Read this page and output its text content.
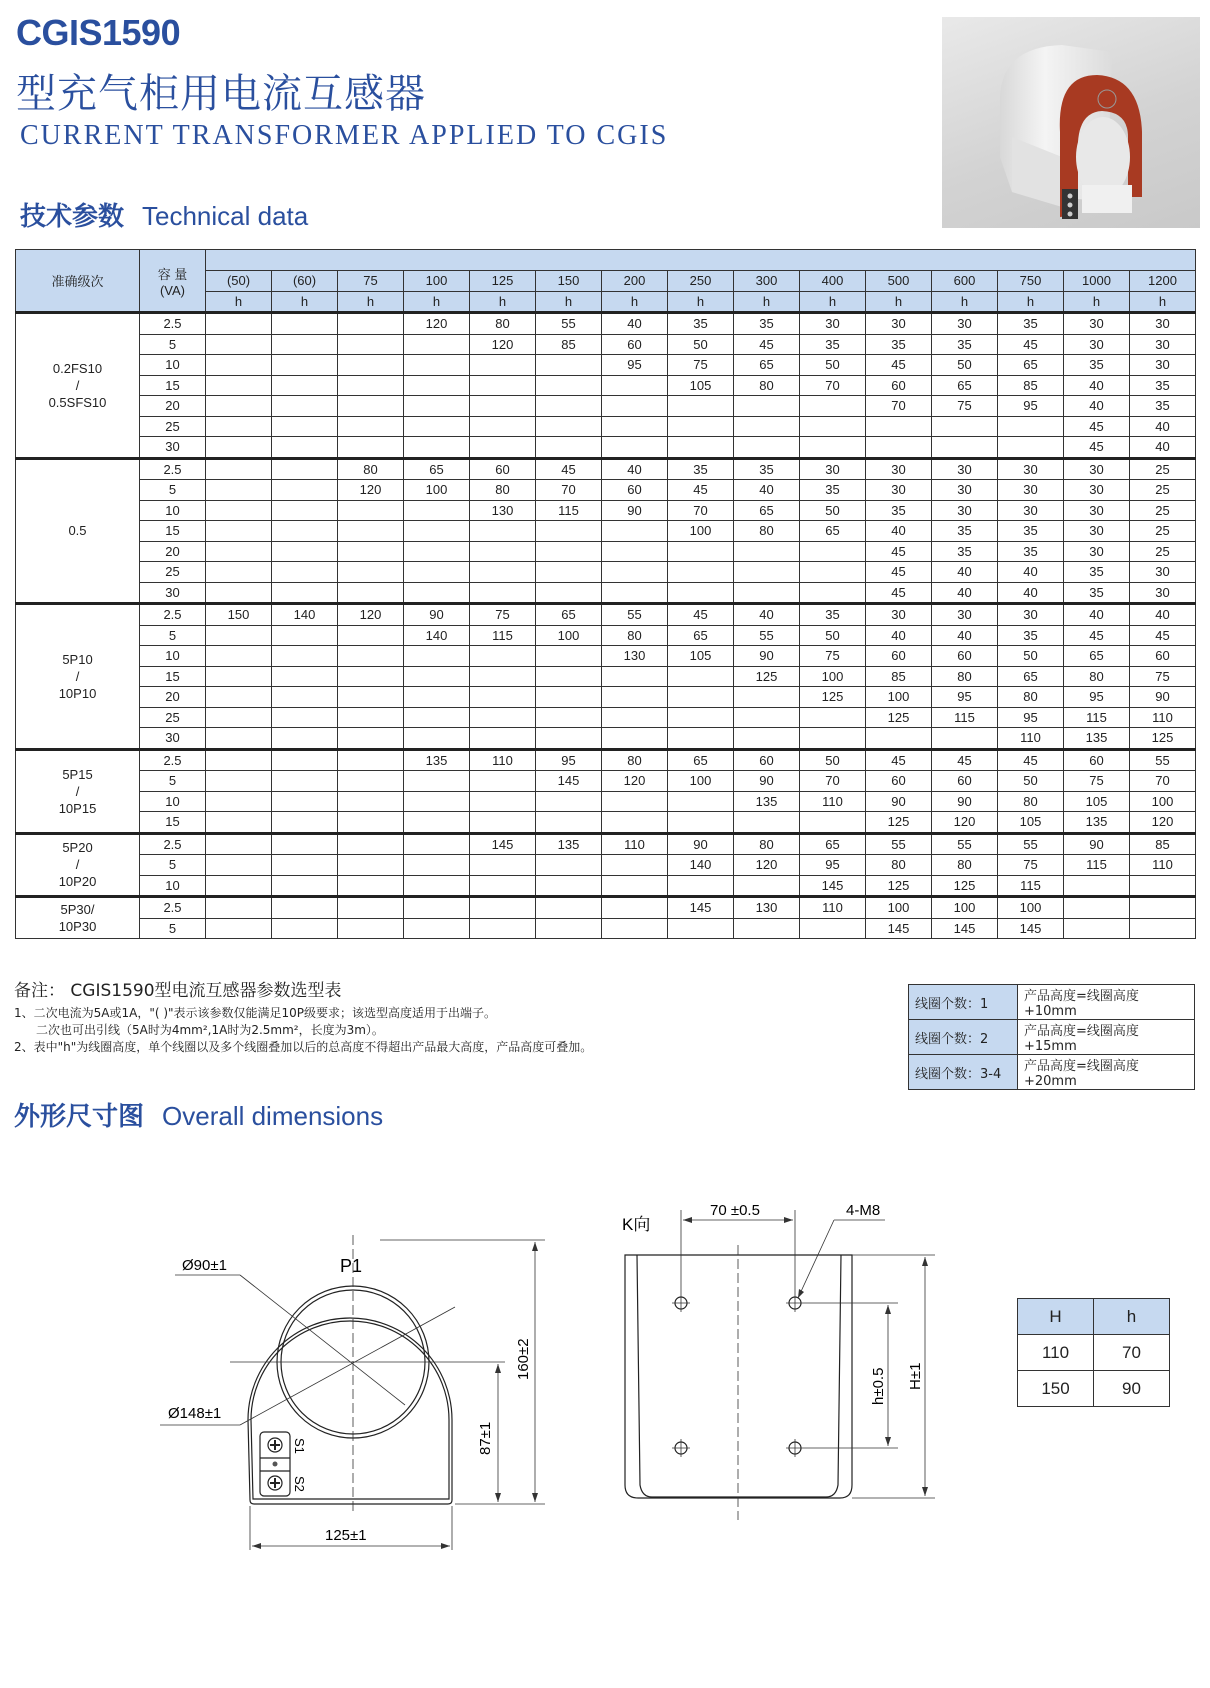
CGIS1590
型充气柜用电流互感器
CURRENT TRANSFORMER APPLIED TO CGIS
技术参数 Technical data
准确级次	容 量
(VA)															

		(50)	(60)	75	100	125	150	200	250	300	400	500	600	750	1000	1200
		h	h	h	h	h	h	h	h	h	h	h	h	h	h	h

0.2FS10
/
0.5SFS10	2.5				120	80	55	40	35	35	30	30	30	35	30	30
	5					120	85	60	50	45	35	35	35	45	30	30
	10							95	75	65	50	45	50	65	35	30
	15								105	80	70	60	65	85	40	35
	20											70	75	95	40	35
	25														45	40
	30														45	40

0.5	2.5			80	65	60	45	40	35	35	30	30	30	30	30	25
	5			120	100	80	70	60	45	40	35	30	30	30	30	25
	10					130	115	90	70	65	50	35	30	30	30	25
	15								100	80	65	40	35	35	30	25
	20											45	35	35	30	25
	25											45	40	40	35	30
	30											45	40	40	35	30

5P10
/
10P10	2.5	150	140	120	90	75	65	55	45	40	35	30	30	30	40	40
	5				140	115	100	80	65	55	50	40	40	35	45	45
	10							130	105	90	75	60	60	50	65	60
	15									125	100	85	80	65	80	75
	20										125	100	95	80	95	90
	25											125	115	95	115	110
	30													110	135	125

5P15
/
10P15	2.5				135	110	95	80	65	60	50	45	45	45	60	55
	5						145	120	100	90	70	60	60	50	75	70
	10									135	110	90	90	80	105	100
	15											125	120	105	135	120

5P20
/
10P20	2.5					145	135	110	90	80	65	55	55	55	90	85
	5								140	120	95	80	80	75	115	110
	10										145	125	125	115		

5P30/
10P30	2.5								145	130	110	100	100	100		
	5											145	145	145		
备注： CGIS1590型电流互感器参数选型表
1、二次电流为5A或1A，"( )"表示该参数仅能满足10P级要求；该选型高度适用于出端子。
二次也可出引线（5A时为4mm²,1A时为2.5mm²，长度为3m）。
2、表中"h"为线圈高度，单个线圈以及多个线圈叠加以后的总高度不得超出产品最大高度，产品高度可叠加。
线圈个数：1	产品高度=线圈高度+10mm
线圈个数：2	产品高度=线圈高度+15mm
线圈个数：3-4	产品高度=线圈高度+20mm
外形尺寸图 Overall dimensions
Ø90±1
Ø148±1
P1
160±2
87±1
125±1
S1
S2
K向
70 ±0.5	4-M8
h±0.5 H±1
H	h
110	70
150	90
